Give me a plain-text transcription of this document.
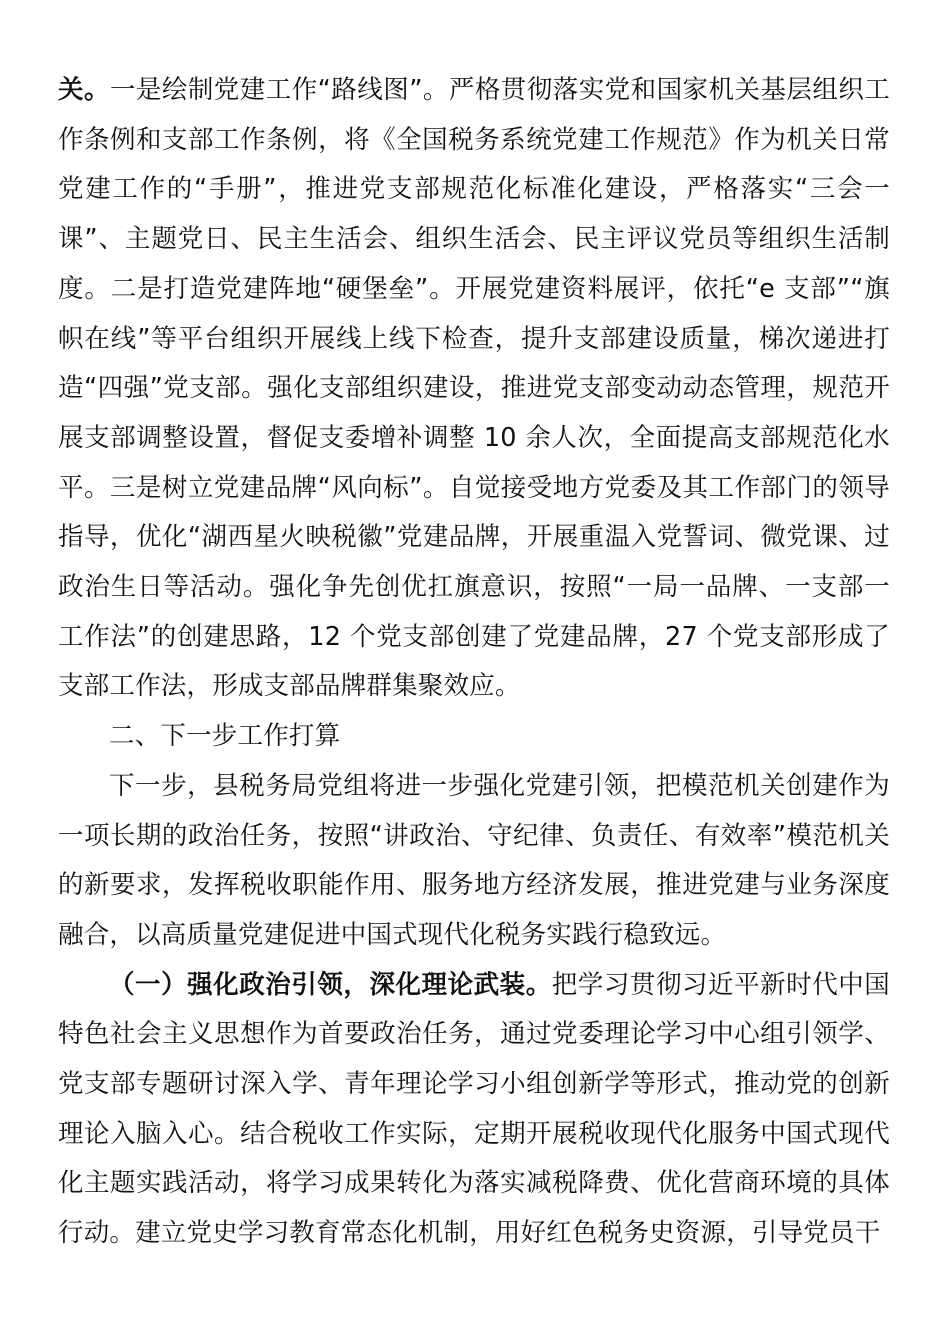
关。一是绘制党建工作“路线图”。严格贯彻落实党和国家机关基层组织工作条例和支部工作条例，将《全国税务系统党建工作规范》作为机关日常党建工作的“手册”，推进党支部规范化标准化建设，严格落实“三会一课”、主题党日、民主生活会、组织生活会、民主评议党员等组织生活制度。二是打造党建阵地“硬堡垒”。开展党建资料展评，依托“e 支部”“旗帜在线”等平台组织开展线上线下检查，提升支部建设质量，梯次递进打造“四强”党支部。强化支部组织建设，推进党支部变动动态管理，规范开展支部调整设置，督促支委增补调整 10 余人次，全面提高支部规范化水平。三是树立党建品牌“风向标”。自觉接受地方党委及其工作部门的领导指导，优化“湖西星火映税徽”党建品牌，开展重温入党誓词、微党课、过政治生日等活动。强化争先创优扛旗意识，按照“一局一品牌、一支部一工作法”的创建思路，12 个党支部创建了党建品牌，27 个党支部形成了支部工作法，形成支部品牌群集聚效应。

二、下一步工作打算

下一步，县税务局党组将进一步强化党建引领，把模范机关创建作为一项长期的政治任务，按照“讲政治、守纪律、负责任、有效率”模范机关的新要求，发挥税收职能作用、服务地方经济发展，推进党建与业务深度融合，以高质量党建促进中国式现代化税务实践行稳致远。

（一）强化政治引领，深化理论武装。把学习贯彻习近平新时代中国特色社会主义思想作为首要政治任务，通过党委理论学习中心组引领学、党支部专题研讨深入学、青年理论学习小组创新学等形式，推动党的创新理论入脑入心。结合税收工作实际，定期开展税收现代化服务中国式现代化主题实践活动，将学习成果转化为落实减税降费、优化营商环境的具体行动。建立党史学习教育常态化机制，用好红色税务史资源，引导党员干
